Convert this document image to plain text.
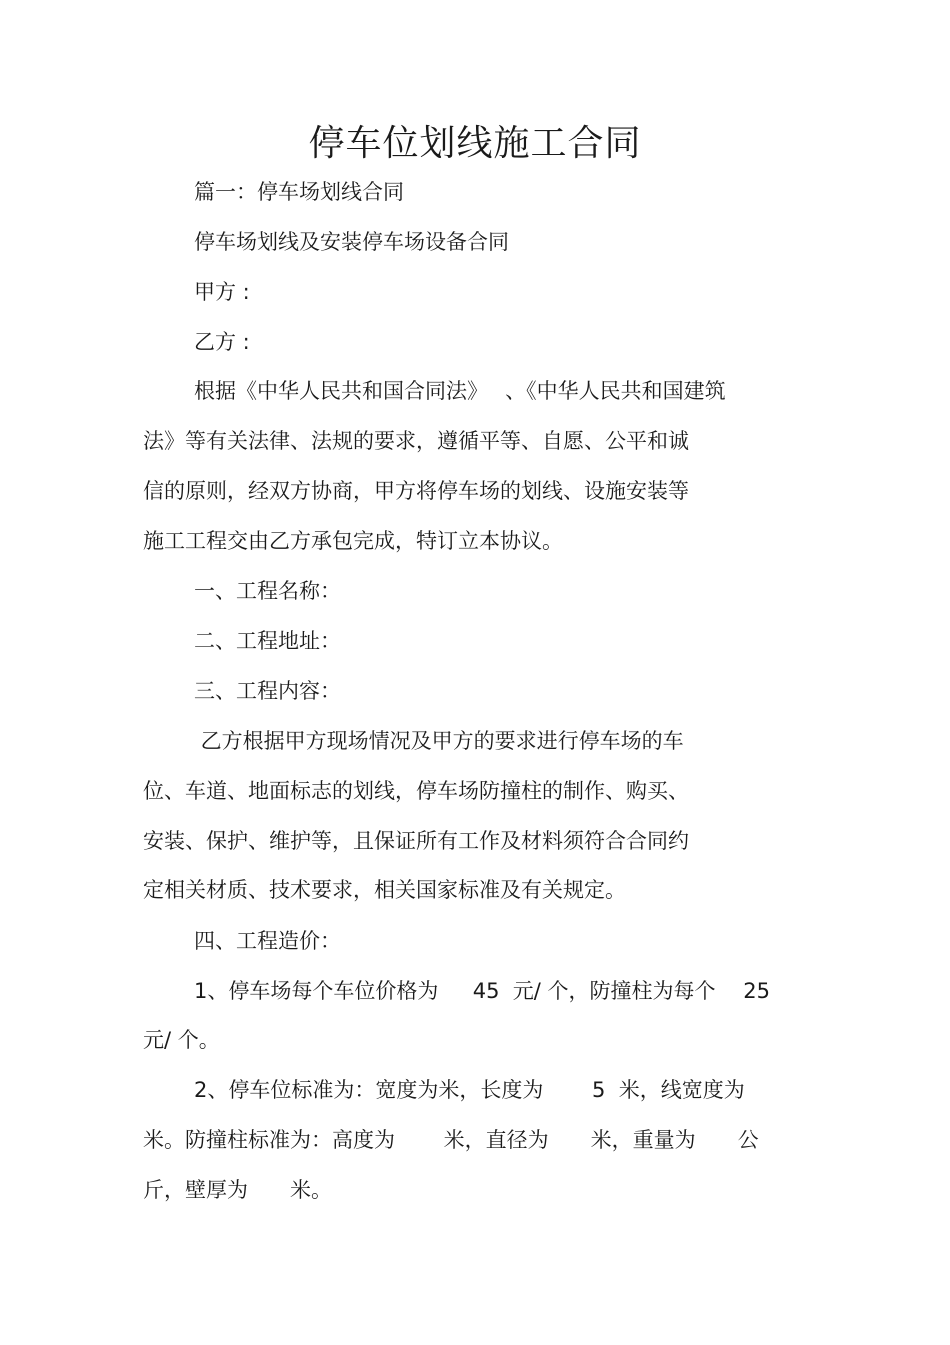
停车位划线施工合同
篇一：停车场划线合同
停车场划线及安装停车场设备合同
甲方 :
乙方 :
根据《中华人民共和国合同法》　 、《中华人民共和国建筑
法》等有关法律、法规的要求，遵循平等、自愿、公平和诚
信的原则，经双方协商，甲方将停车场的划线、设施安装等
施工工程交由乙方承包完成，特订立本协议。
一、工程名称：
二、工程地址：
三、工程内容：
乙方根据甲方现场情况及甲方的要求进行停车场的车
位、车道、地面标志的划线，停车场防撞柱的制作、购买、
安装、保护、维护等，且保证所有工作及材料须符合合同约
定相关材质、技术要求，相关国家标准及有关规定。
四、工程造价：
1、停车场每个车位价格为　  45  元/ 个，防撞柱为每个　 25
元/ 个。
2、停车位标准为：宽度为米，长度为　　 5  米，线宽度为
米。防撞柱标准为：高度为　　 米，直径为　　米，重量为　　公
斤，壁厚为　　米。
